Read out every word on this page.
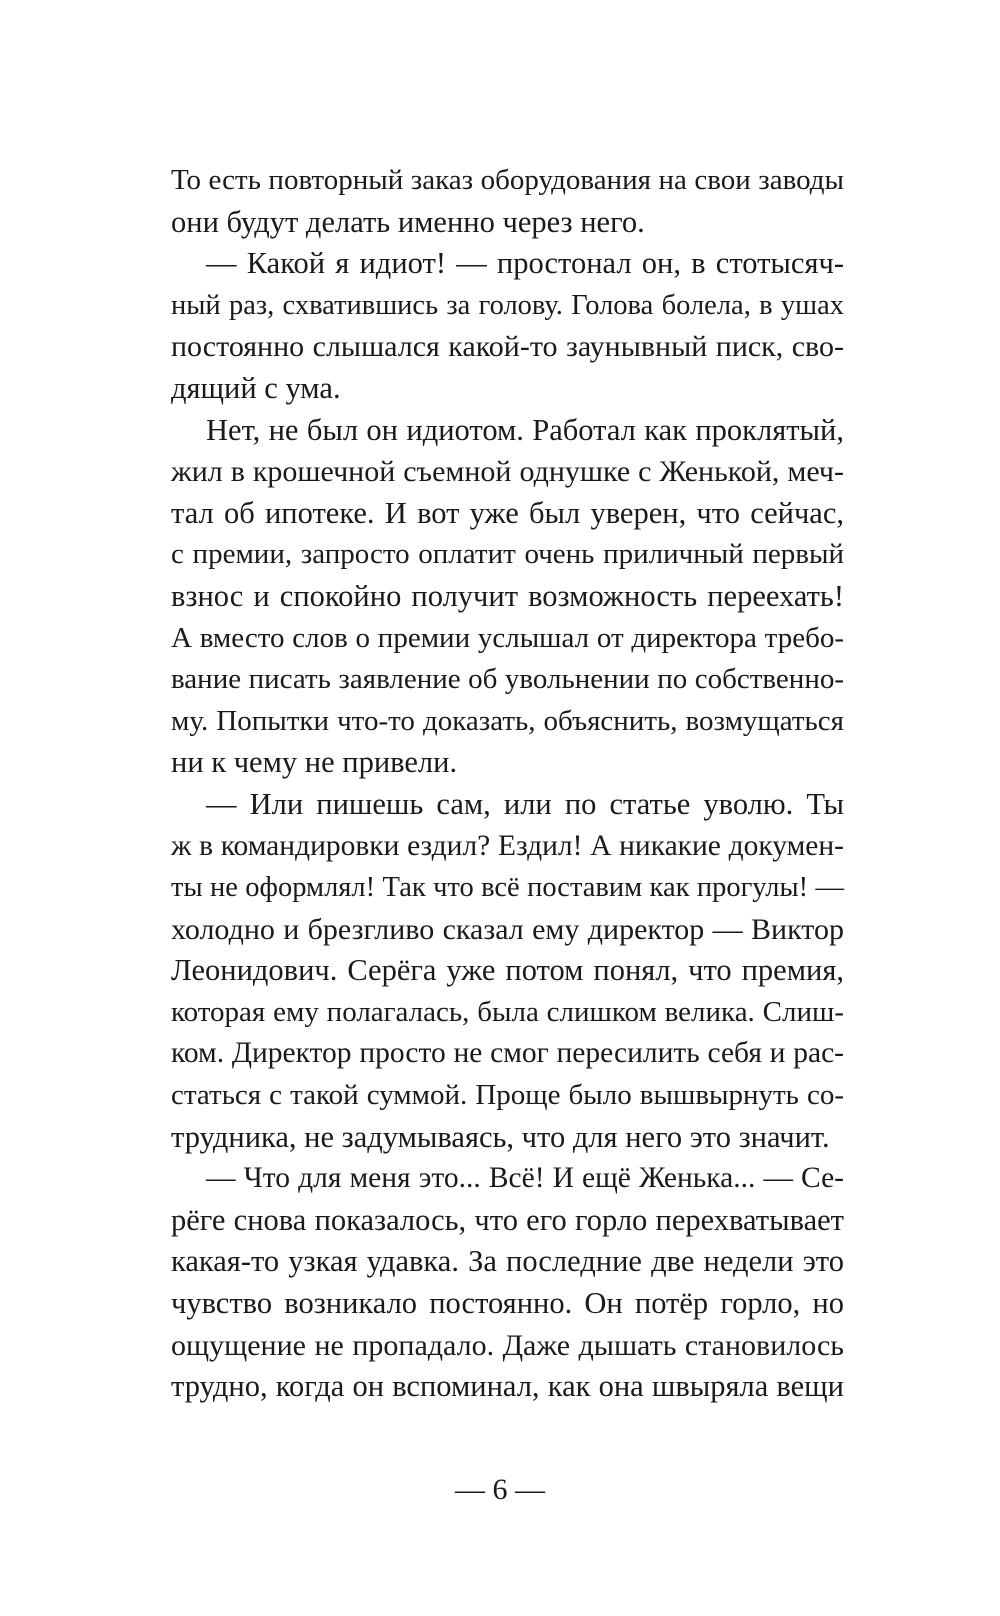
То есть повторный заказ оборудования на свои заводы
они будут делать именно через него.
— Какой я идиот! — простонал он, в стотысяч-
ный раз, схватившись за голову. Голова болела, в ушах
постоянно слышался какой-то заунывный писк, сво-
дящий с ума.
Нет, не был он идиотом. Работал как проклятый,
жил в крошечной съемной однушке с Женькой, меч-
тал об ипотеке. И вот уже был уверен, что сейчас,
с премии, запросто оплатит очень приличный первый
взнос и спокойно получит возможность переехать!
А вместо слов о премии услышал от директора требо-
вание писать заявление об увольнении по собственно-
му. Попытки что-то доказать, объяснить, возмущаться
ни к чему не привели.
— Или пишешь сам, или по статье уволю. Ты
ж в командировки ездил? Ездил! А никакие докумен-
ты не оформлял! Так что всё поставим как прогулы! —
холодно и брезгливо сказал ему директор — Виктор
Леонидович. Серёга уже потом понял, что премия,
которая ему полагалась, была слишком велика. Слиш-
ком. Директор просто не смог пересилить себя и рас-
статься с такой суммой. Проще было вышвырнуть со-
трудника, не задумываясь, что для него это значит.
— Что для меня это... Всё! И ещё Женька... — Се-
рёге снова показалось, что его горло перехватывает
какая-то узкая удавка. За последние две недели это
чувство возникало постоянно. Он потёр горло, но
ощущение не пропадало. Даже дышать становилось
трудно, когда он вспоминал, как она швыряла вещи
— 6 —
